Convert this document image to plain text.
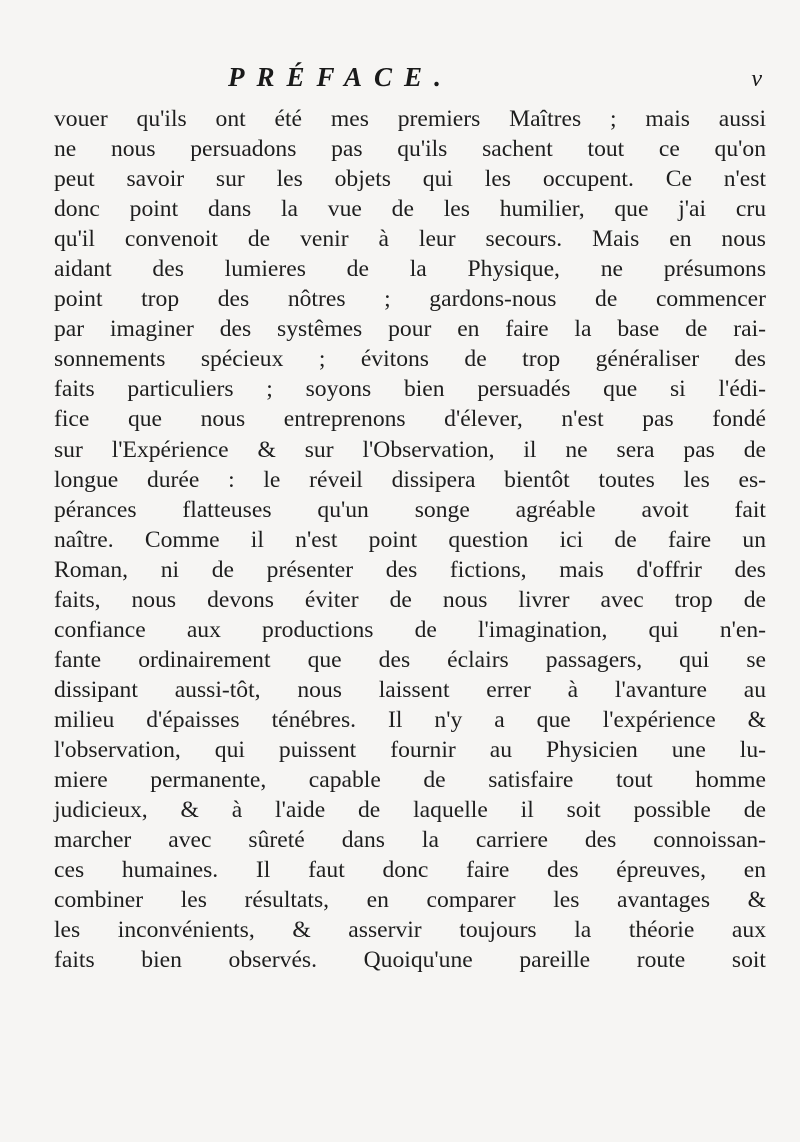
PRÉFACE.	v
vouer qu'ils ont été mes premiers Maîtres ; mais aussi
ne nous persuadons pas qu'ils sachent tout ce qu'on
peut savoir sur les objets qui les occupent. Ce n'est
donc point dans la vue de les humilier, que j'ai cru
qu'il convenoit de venir à leur secours. Mais en nous
aidant des lumieres de la Physique, ne présumons
point trop des nôtres ; gardons-nous de commencer
par imaginer des systêmes pour en faire la base de rai-
sonnements spécieux ; évitons de trop généraliser des
faits particuliers ; soyons bien persuadés que si l'édi-
fice que nous entreprenons d'élever, n'est pas fondé
sur l'Expérience & sur l'Observation, il ne sera pas de
longue durée : le réveil dissipera bientôt toutes les es-
pérances flatteuses qu'un songe agréable avoit fait
naître. Comme il n'est point question ici de faire un
Roman, ni de présenter des fictions, mais d'offrir des
faits, nous devons éviter de nous livrer avec trop de
confiance aux productions de l'imagination, qui n'en-
fante ordinairement que des éclairs passagers, qui se
dissipant aussi-tôt, nous laissent errer à l'avanture au
milieu d'épaisses ténébres. Il n'y a que l'expérience &
l'observation, qui puissent fournir au Physicien une lu-
miere permanente, capable de satisfaire tout homme
judicieux, & à l'aide de laquelle il soit possible de
marcher avec sûreté dans la carriere des connoissan-
ces humaines. Il faut donc faire des épreuves, en
combiner les résultats, en comparer les avantages &
les inconvénients, & asservir toujours la théorie aux
faits bien observés. Quoiqu'une pareille route soit
